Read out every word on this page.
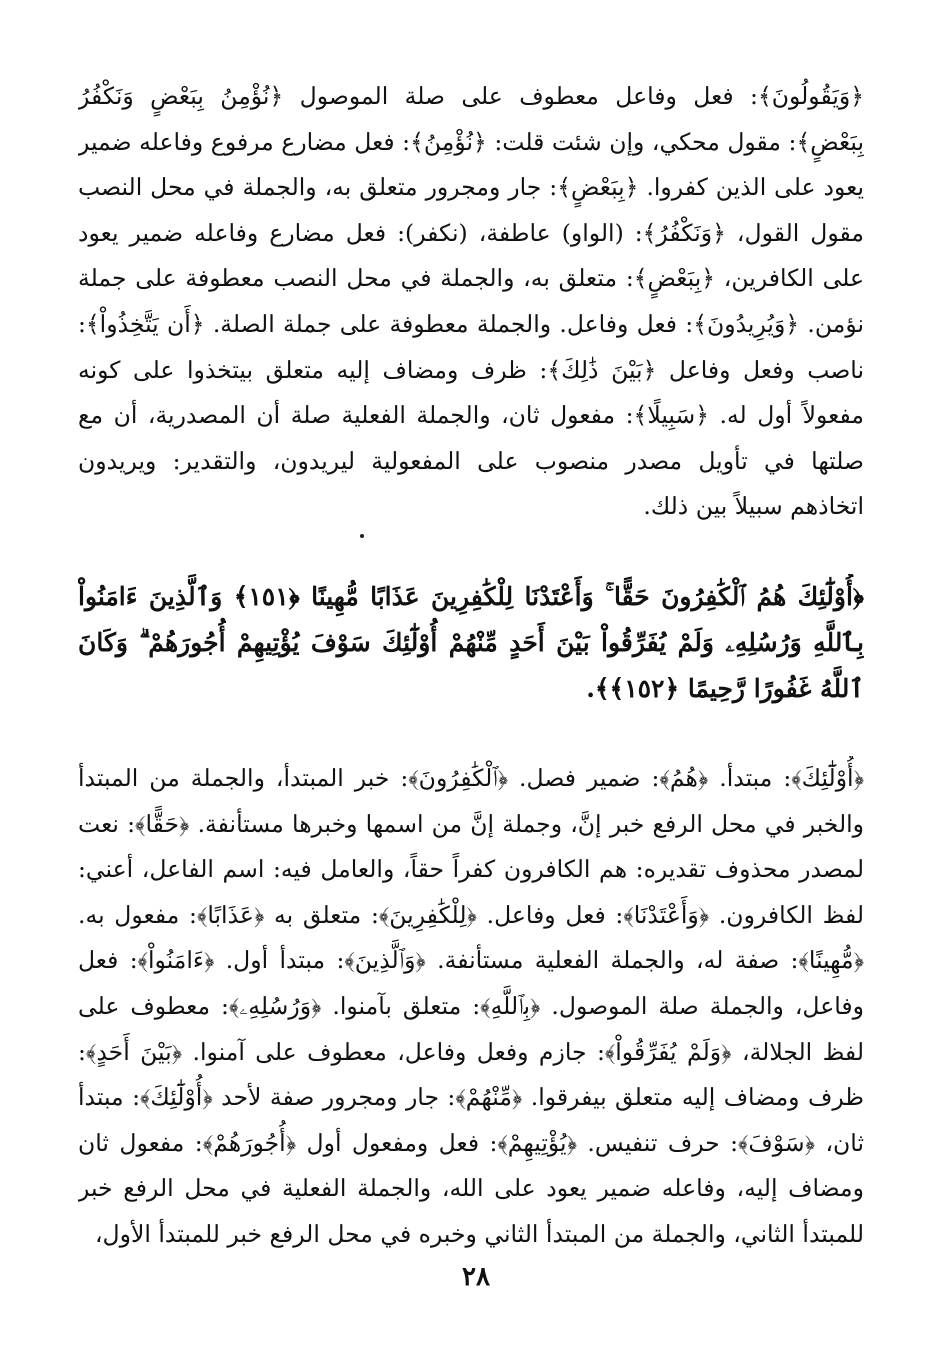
﴿وَيَقُولُونَ﴾: فعل وفاعل معطوف على صلة الموصول ﴿نُؤْمِنُ بِبَعْضٍ وَنَكْفُرُ بِبَعْضٍ﴾: مقول محكي، وإن شئت قلت: ﴿نُؤْمِنُ﴾: فعل مضارع مرفوع وفاعله ضمير يعود على الذين كفروا. ﴿بِبَعْضٍ﴾: جار ومجرور متعلق به، والجملة في محل النصب مقول القول، ﴿وَنَكْفُرُ﴾: (الواو) عاطفة، (نكفر): فعل مضارع وفاعله ضمير يعود على الكافرين، ﴿بِبَعْضٍ﴾: متعلق به، والجملة في محل النصب معطوفة على جملة نؤمن. ﴿وَيُرِيدُونَ﴾: فعل وفاعل. والجملة معطوفة على جملة الصلة. ﴿أَن يَتَّخِذُواْ﴾: ناصب وفعل وفاعل ﴿بَيْنَ ذَٰلِكَ﴾: ظرف ومضاف إليه متعلق بيتخذوا على كونه مفعولاً أول له. ﴿سَبِيلًا﴾: مفعول ثان، والجملة الفعلية صلة أن المصدرية، أن مع صلتها في تأويل مصدر منصوب على المفعولية ليريدون، والتقدير: ويريدون اتخاذهم سبيلاً بين ذلك.

﴿أُوْلَٰٓئِكَ هُمُ ٱلْكَٰفِرُونَ حَقًّا ۚ وَأَعْتَدْنَا لِلْكَٰفِرِينَ عَذَابًا مُّهِينًا ﴿١٥١﴾ وَٱلَّذِينَ ءَامَنُواْ بِٱللَّهِ وَرُسُلِهِۦ وَلَمْ يُفَرِّقُواْ بَيْنَ أَحَدٍ مِّنْهُمْ أُوْلَٰٓئِكَ سَوْفَ يُؤْتِيهِمْ أُجُورَهُمْ ۗ وَكَانَ ٱللَّهُ غَفُورًا رَّحِيمًا ﴿١٥٢﴾﴾.

﴿أُوْلَٰٓئِكَ﴾: مبتدأ. ﴿هُمُ﴾: ضمير فصل. ﴿ٱلْكَٰفِرُونَ﴾: خبر المبتدأ، والجملة من المبتدأ والخبر في محل الرفع خبر إنَّ، وجملة إنَّ من اسمها وخبرها مستأنفة. ﴿حَقًّا﴾: نعت لمصدر محذوف تقديره: هم الكافرون كفراً حقاً، والعامل فيه: اسم الفاعل، أعني: لفظ الكافرون. ﴿وَأَعْتَدْنَا﴾: فعل وفاعل. ﴿لِلْكَٰفِرِينَ﴾: متعلق به ﴿عَذَابًا﴾: مفعول به. ﴿مُّهِينًا﴾: صفة له، والجملة الفعلية مستأنفة. ﴿وَٱلَّذِينَ﴾: مبتدأ أول. ﴿ءَامَنُواْ﴾: فعل وفاعل، والجملة صلة الموصول. ﴿بِٱللَّهِ﴾: متعلق بآمنوا. ﴿وَرُسُلِهِۦ﴾: معطوف على لفظ الجلالة، ﴿وَلَمْ يُفَرِّقُواْ﴾: جازم وفعل وفاعل، معطوف على آمنوا. ﴿بَيْنَ أَحَدٍ﴾: ظرف ومضاف إليه متعلق بيفرقوا. ﴿مِّنْهُمْ﴾: جار ومجرور صفة لأحد ﴿أُوْلَٰٓئِكَ﴾: مبتدأ ثان، ﴿سَوْفَ﴾: حرف تنفيس. ﴿يُؤْتِيهِمْ﴾: فعل ومفعول أول ﴿أُجُورَهُمْ﴾: مفعول ثان ومضاف إليه، وفاعله ضمير يعود على الله، والجملة الفعلية في محل الرفع خبر للمبتدأ الثاني، والجملة من المبتدأ الثاني وخبره في محل الرفع خبر للمبتدأ الأول،

٢٨
